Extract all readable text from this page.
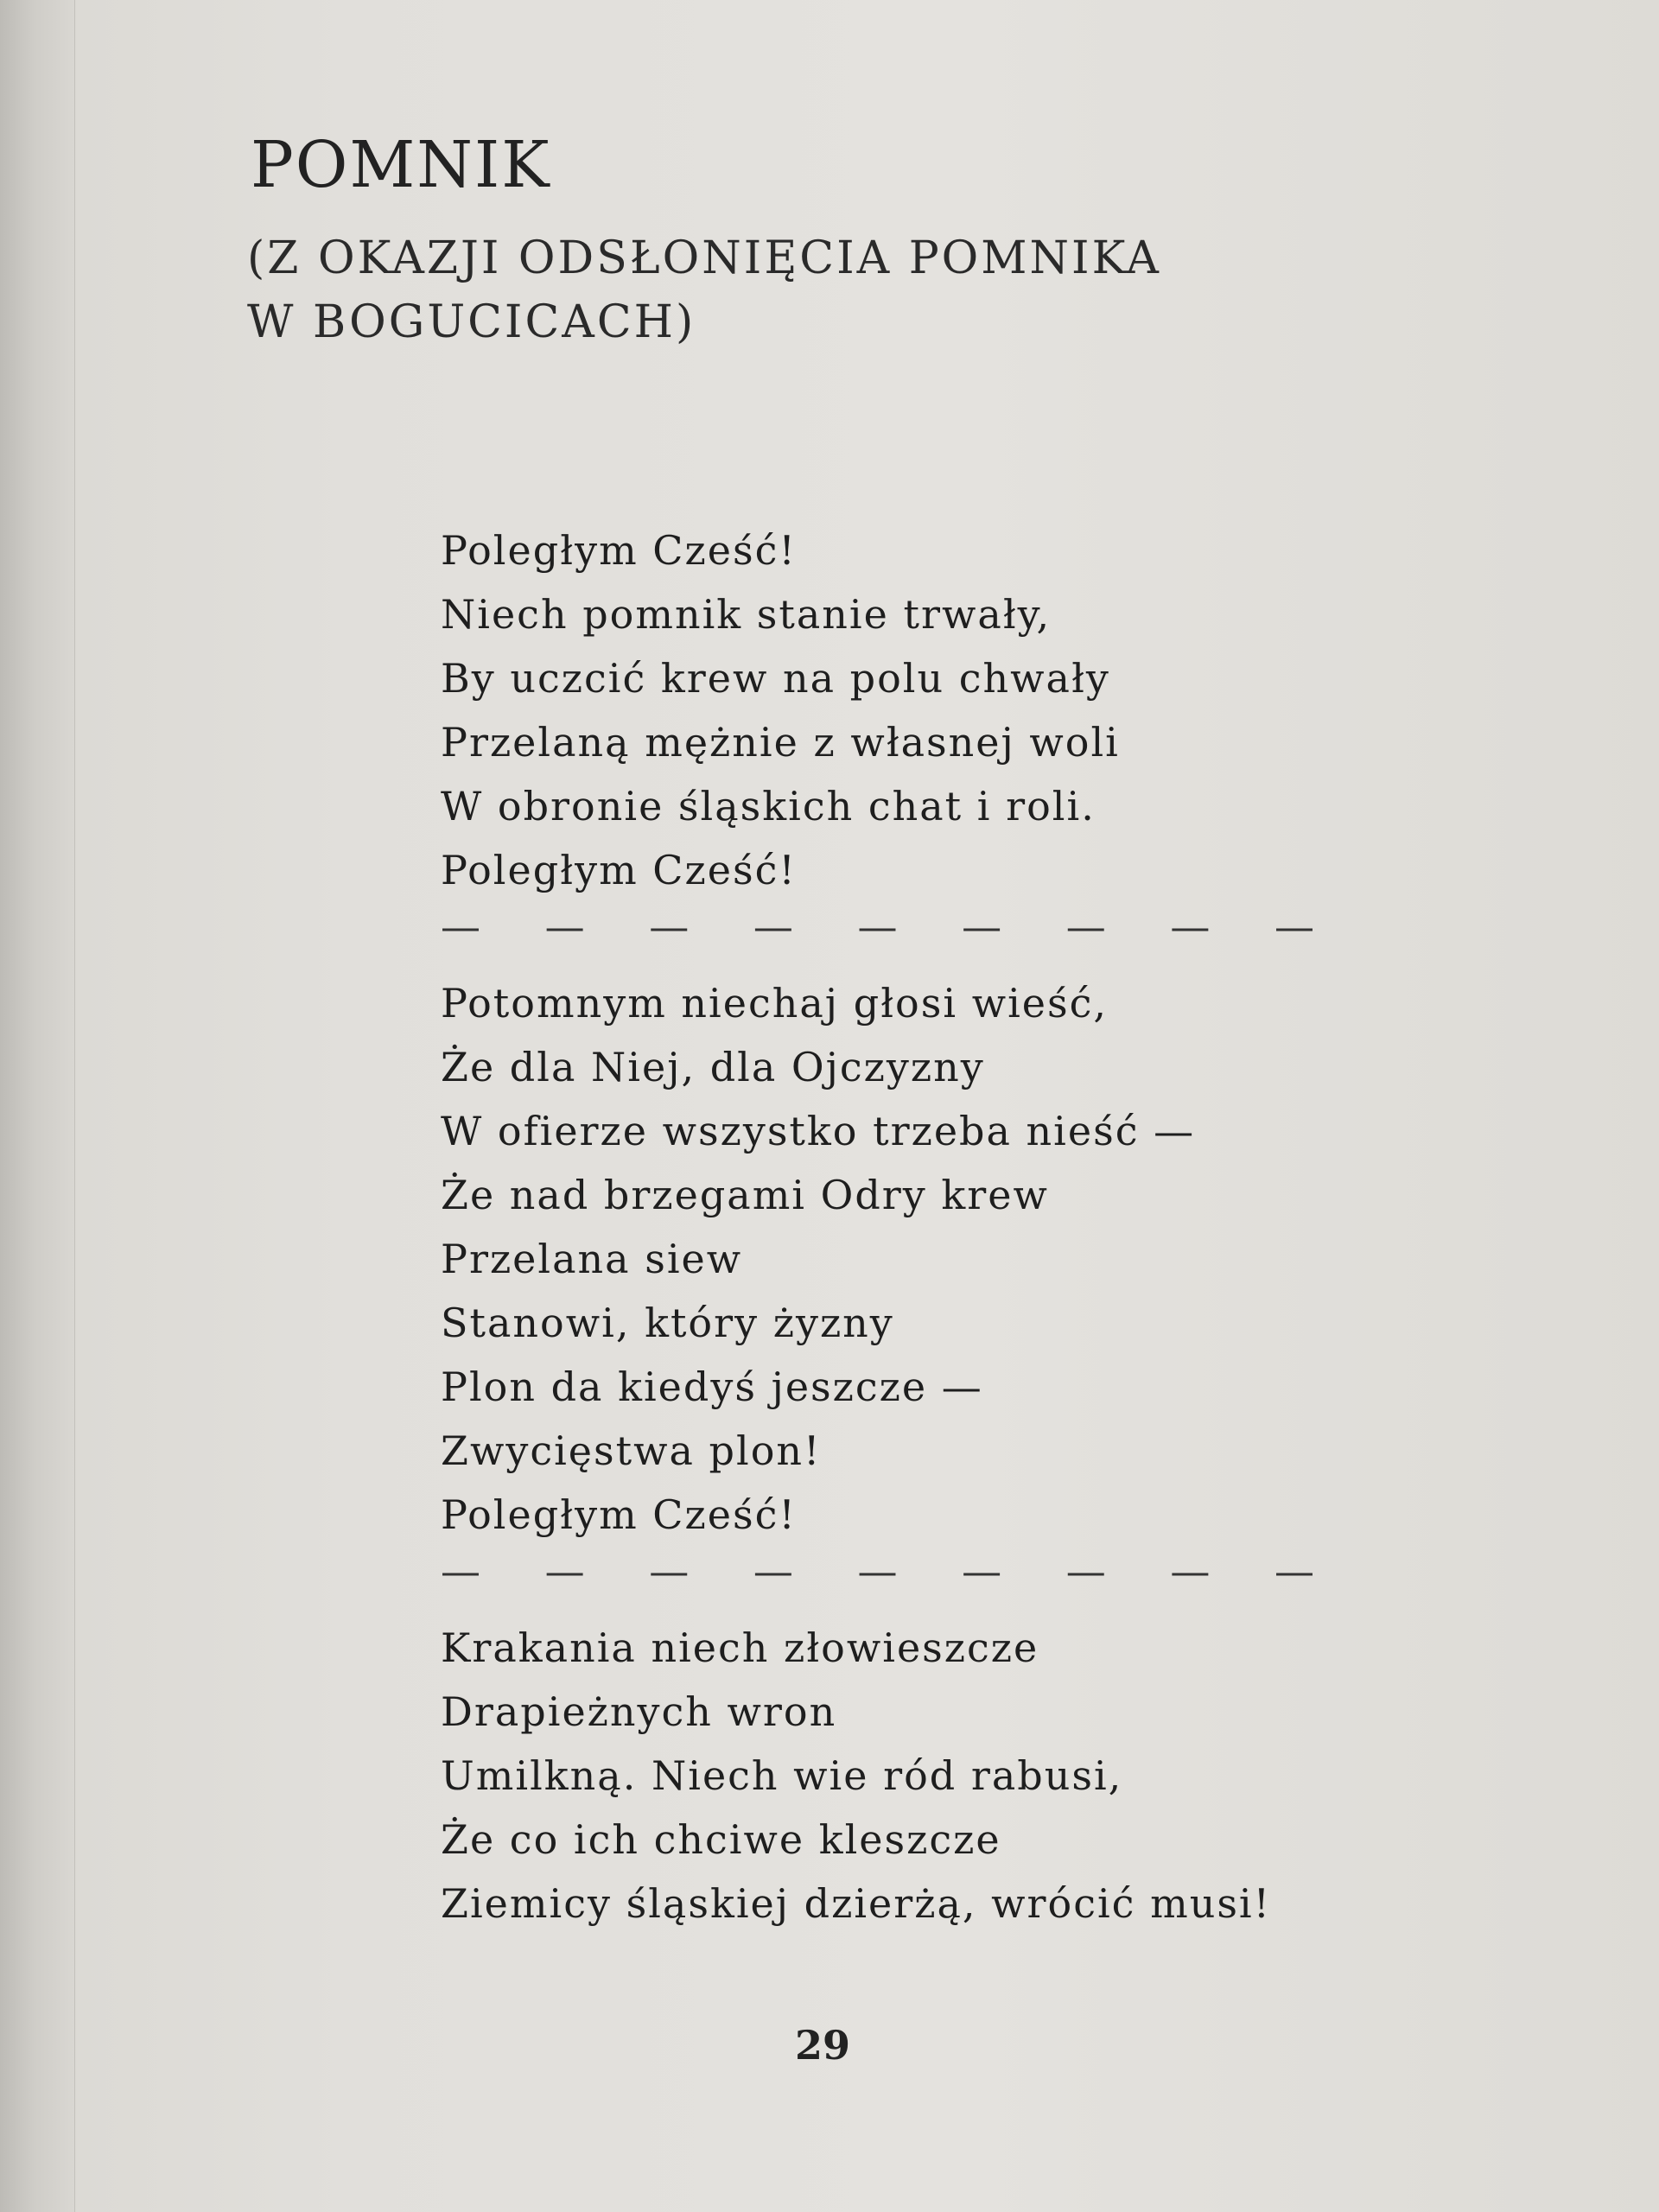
POMNIK
(Z OKAZJI ODSŁONIĘCIA POMNIKA
W BOGUCICACH)
Poległym Cześć!
Niech pomnik stanie trwały,
By uczcić krew na polu chwały
Przelaną mężnie z własnej woli
W obronie śląskich chat i roli.
Poległym Cześć!
— — — — — — — — —
Potomnym niechaj głosi wieść,
Że dla Niej, dla Ojczyzny
W ofierze wszystko trzeba nieść —
Że nad brzegami Odry krew
Przelana siew
Stanowi, który żyzny
Plon da kiedyś jeszcze —
Zwycięstwa plon!
Poległym Cześć!
— — — — — — — — —
Krakania niech złowieszcze
Drapieżnych wron
Umilkną. Niech wie ród rabusi,
Że co ich chciwe kleszcze
Ziemicy śląskiej dzierżą, wrócić musi!
29
